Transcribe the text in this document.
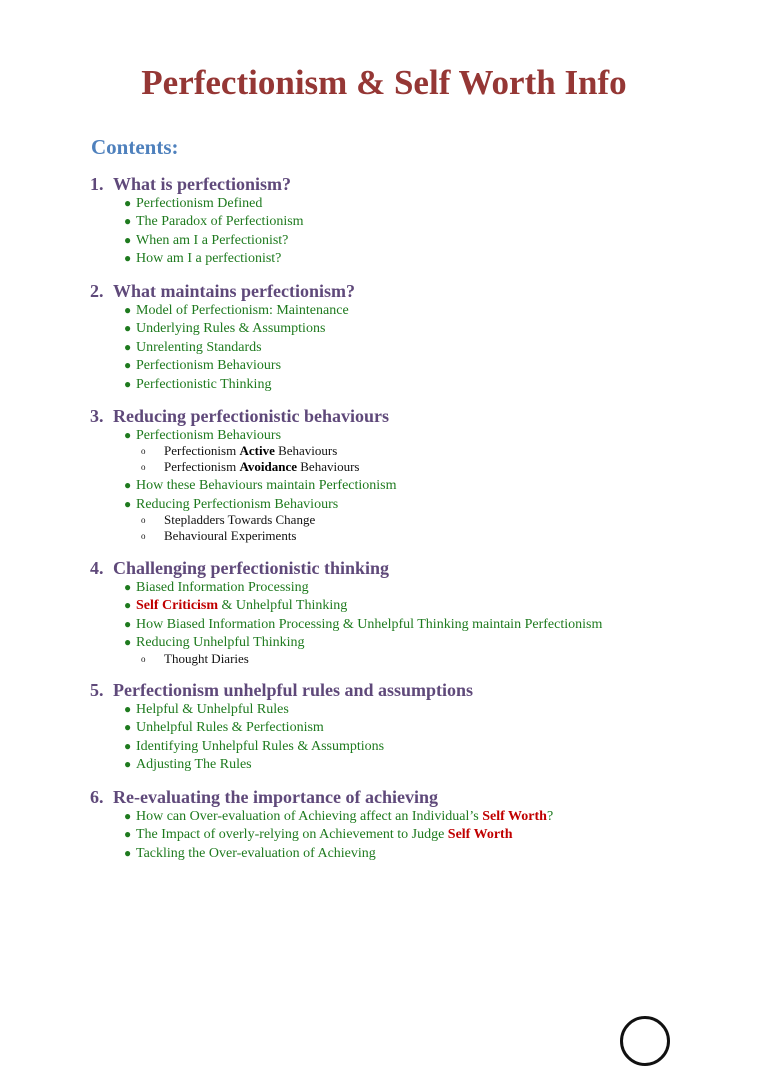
Perfectionism & Self Worth Info
Contents:
1. What is perfectionism?
● Perfectionism Defined
● The Paradox of Perfectionism
● When am I a Perfectionist?
● How am I a perfectionist?
2. What maintains perfectionism?
● Model of Perfectionism: Maintenance
● Underlying Rules & Assumptions
● Unrelenting Standards
● Perfectionism Behaviours
● Perfectionistic Thinking
3. Reducing perfectionistic behaviours
● Perfectionism Behaviours
o Perfectionism Active Behaviours
o Perfectionism Avoidance Behaviours
● How these Behaviours maintain Perfectionism
● Reducing Perfectionism Behaviours
o Stepladders Towards Change
o Behavioural Experiments
4. Challenging perfectionistic thinking
● Biased Information Processing
● Self Criticism & Unhelpful Thinking
● How Biased Information Processing & Unhelpful Thinking maintain Perfectionism
● Reducing Unhelpful Thinking
o Thought Diaries
5. Perfectionism unhelpful rules and assumptions
● Helpful & Unhelpful Rules
● Unhelpful Rules & Perfectionism
● Identifying Unhelpful Rules & Assumptions
● Adjusting The Rules
6. Re-evaluating the importance of achieving
● How can Over-evaluation of Achieving affect an Individual’s Self Worth?
● The Impact of overly-relying on Achievement to Judge Self Worth
● Tackling the Over-evaluation of Achieving
